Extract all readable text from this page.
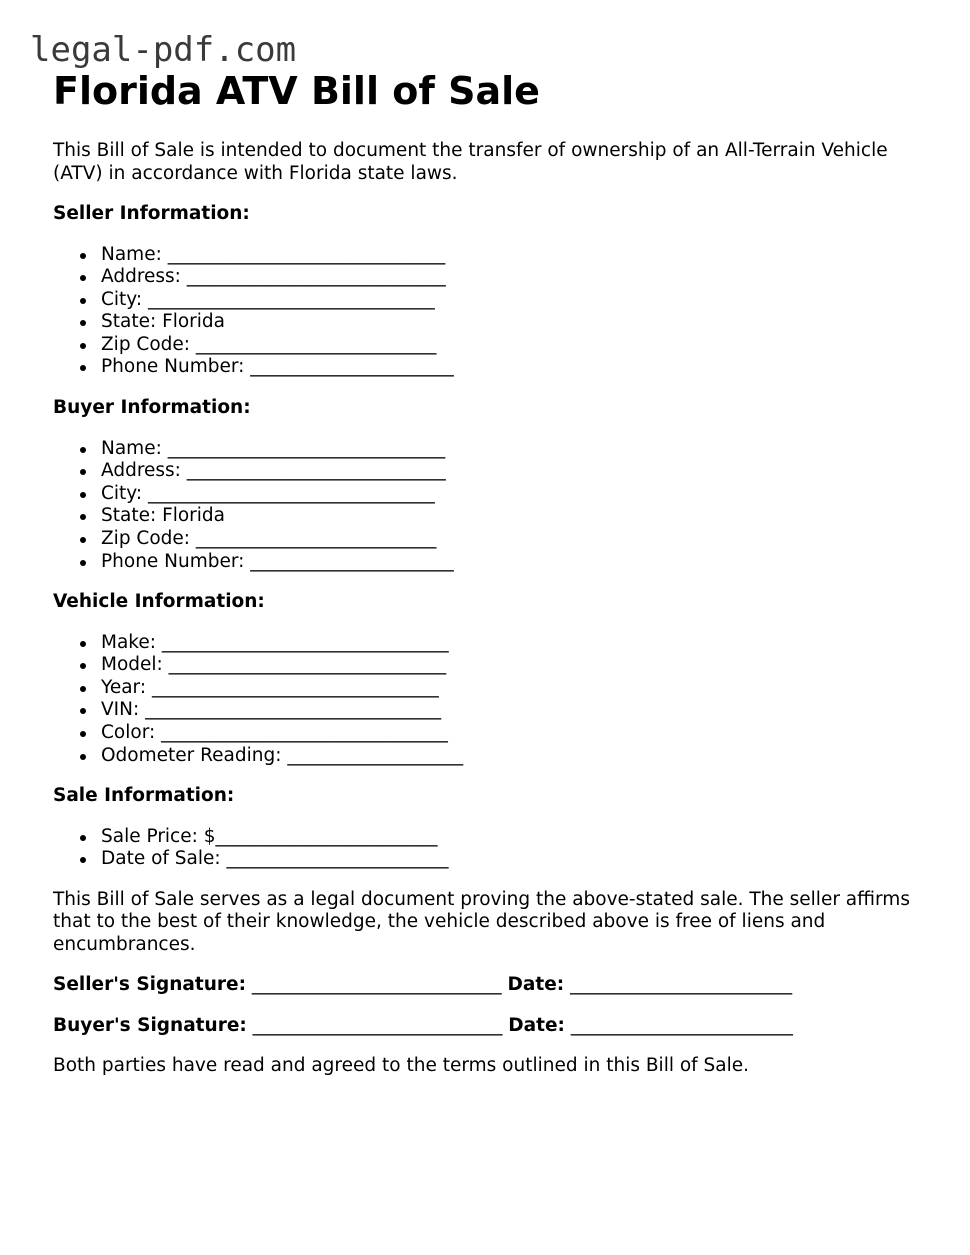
legal-pdf.com
Florida ATV Bill of Sale

This Bill of Sale is intended to document the transfer of ownership of an All-Terrain Vehicle (ATV) in accordance with Florida state laws.

Seller Information:
Name: ______________________________
Address: ____________________________
City: _______________________________
State: Florida
Zip Code: __________________________
Phone Number: ______________________
Buyer Information:
Name: ______________________________
Address: ____________________________
City: _______________________________
State: Florida
Zip Code: __________________________
Phone Number: ______________________
Vehicle Information:
Make: _______________________________
Model: ______________________________
Year: _______________________________
VIN: ________________________________
Color: _______________________________
Odometer Reading: ___________________
Sale Information:
Sale Price: $________________________
Date of Sale: ________________________

This Bill of Sale serves as a legal document proving the above-stated sale. The seller affirms that to the best of their knowledge, the vehicle described above is free of liens and encumbrances.

Seller's Signature: ___________________________ Date: ________________________
Buyer's Signature: ___________________________ Date: ________________________

Both parties have read and agreed to the terms outlined in this Bill of Sale.
